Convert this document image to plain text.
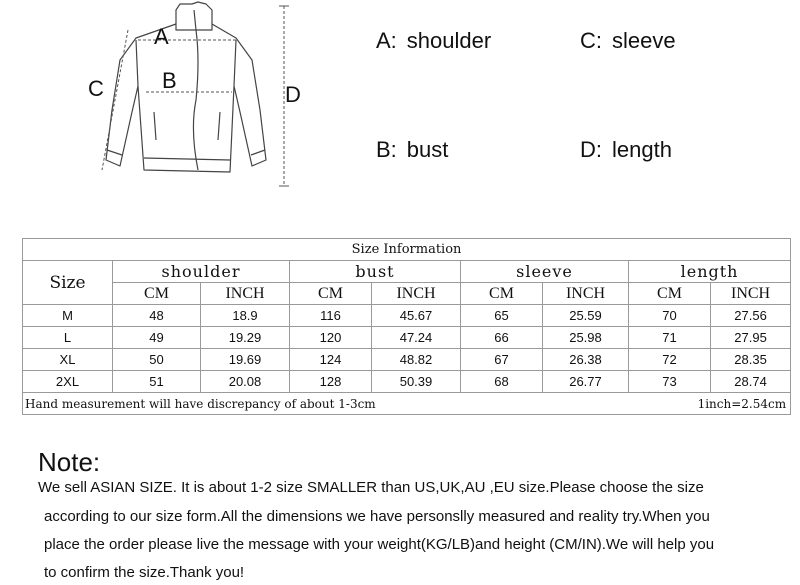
A
B
C	D
A: shoulder	C: sleeve
B: bust	D: length
Size Information								
Size	shoulder		bust		sleeve		length	
	CM	INCH	CM	INCH	CM	INCH	CM	INCH
M	48	18.9	116	45.67	65	25.59	70	27.56
L	49	19.29	120	47.24	66	25.98	71	27.95
XL	50	19.69	124	48.82	67	26.38	72	28.35
2XL	51	20.08	128	50.39	68	26.77	73	28.74

Hand measurement will have discrepancy of about 1-3cm 1inch=2.54cm								
Note:
We sell ASIAN SIZE. It is about 1-2 size SMALLER than US,UK,AU ,EU size.Please choose the size
according to our size form.All the dimensions we have personslly measured and reality try.When you
place the order please live the message with your weight(KG/LB)and height (CM/IN).We will help you
to confirm the size.Thank you!
